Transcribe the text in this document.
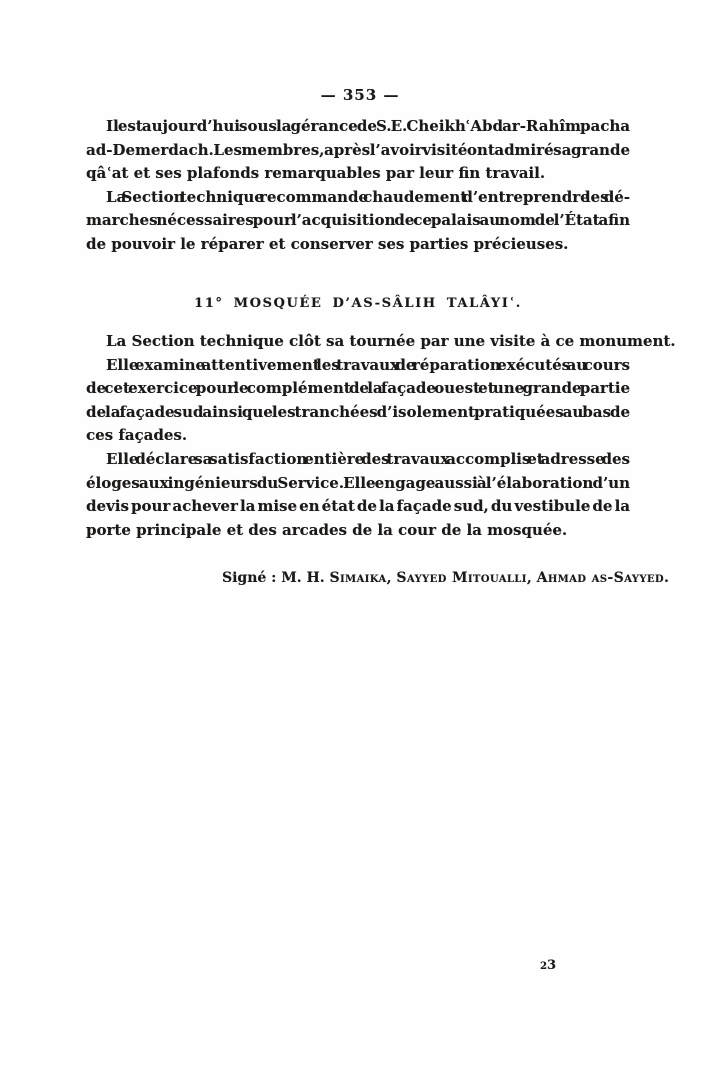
— 353 —
Il est aujourd’hui sous la gérance de S. E. Cheikh ʿAbd ar-Rahîm pacha
ad-Demerdach. Les membres, après l’avoir visité ont admiré sa grande
qâʿat et ses plafonds remarquables par leur fin travail.
La Section technique recommande chaudement d’entreprendre les dé-
marches nécessaires pour l’acquisition de ce palais au nom de l’État afin
de pouvoir le réparer et conserver ses parties précieuses.
11° MOSQUÉE D’AS-SÂLIH TALÂYIʿ.
La Section technique clôt sa tournée par une visite à ce monument.
Elle examine attentivement les travaux de réparation exécutés au cours
de cet exercice pour le complément de la façade ouest et une grande partie
de la façade sud ainsi que les tranchées d’isolement pratiquées au bas de
ces façades.
Elle déclare sa satisfaction entière des travaux accomplis et adresse des
éloges aux ingénieurs du Service. Elle engage aussi à l’élaboration d’un
devis pour achever la mise en état de la façade sud, du vestibule de la
porte principale et des arcades de la cour de la mosquée.
Signé : M. H. Simaika, Sayyed Mitoualli, Ahmad as-Sayyed.
23
